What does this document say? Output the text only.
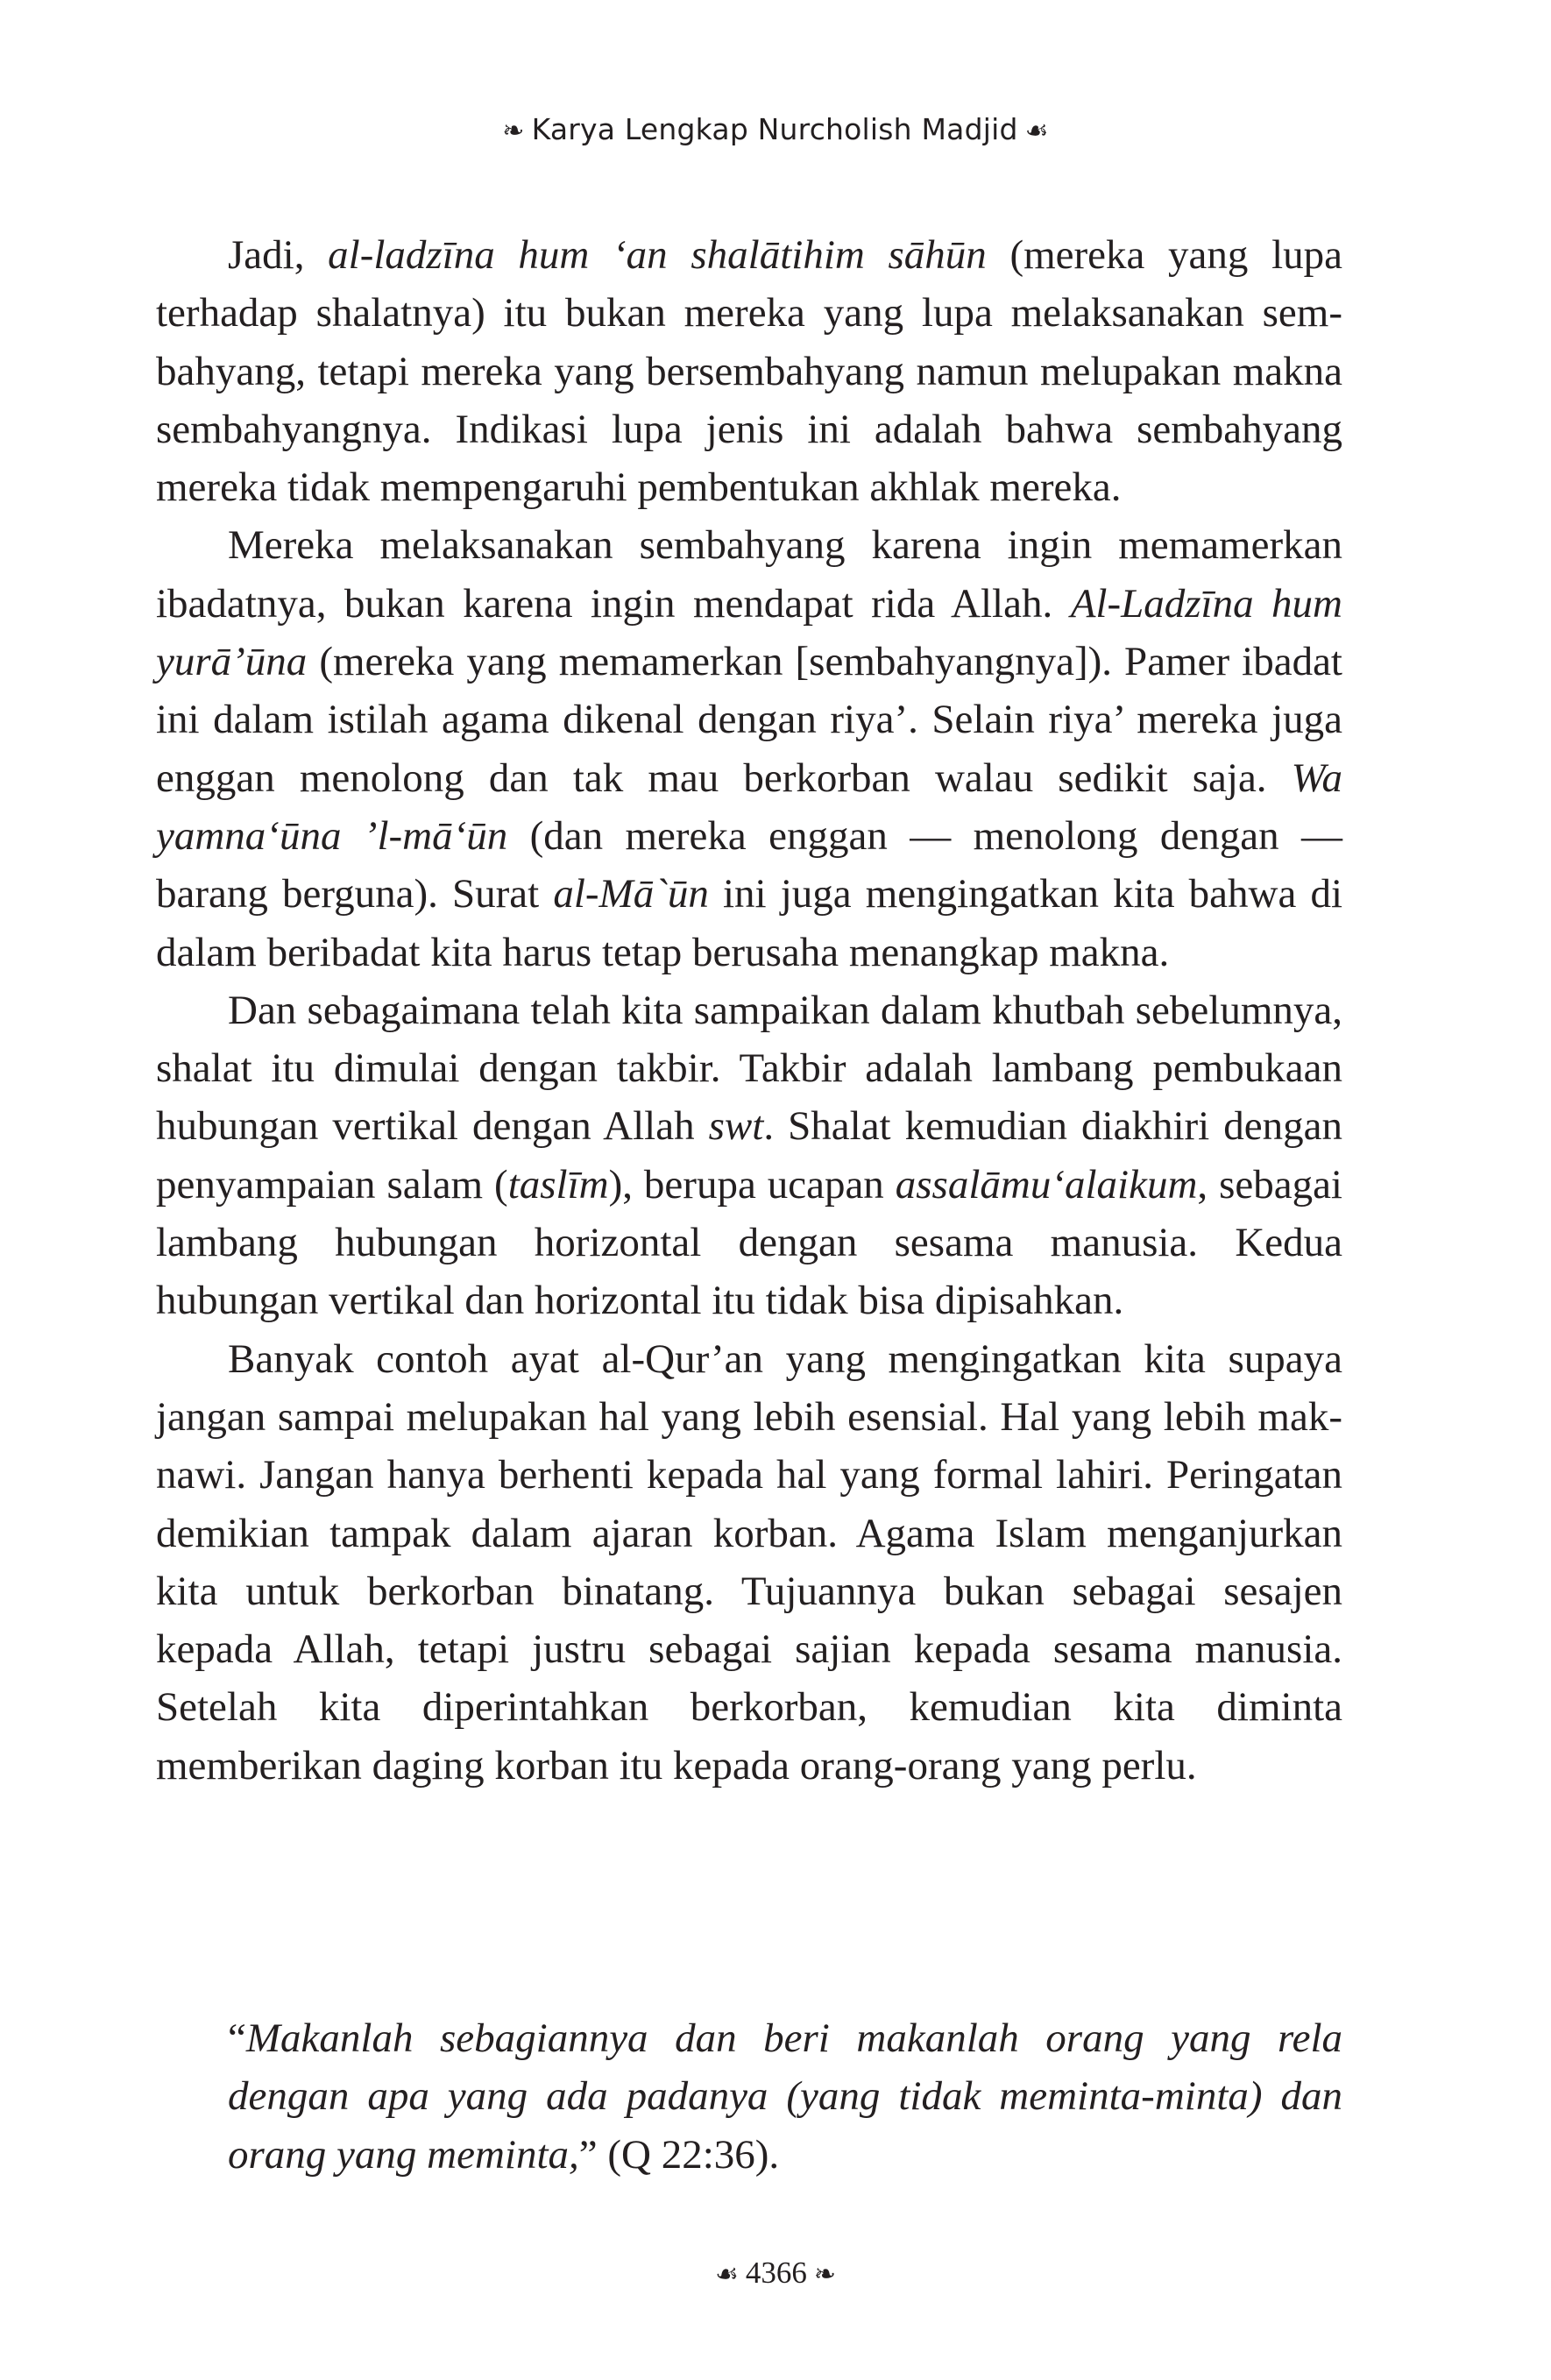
❧ Karya Lengkap Nurcholish Madjid ☙

Jadi, al-ladzīna hum ‘an shalātihim sāhūn (mereka yang lupa terhadap shalatnya) itu bukan mereka yang lupa melaksanakan sembahyang, tetapi mereka yang bersembahyang namun melupakan makna sembahyangnya. Indikasi lupa jenis ini adalah bahwa sembahyang mereka tidak mempengaruhi pembentukan akhlak mereka.

Mereka melaksanakan sembahyang karena ingin memamerkan ibadatnya, bukan karena ingin mendapat rida Allah. Al-Ladzīna hum yurā’ūna (mereka yang memamerkan [sembahyangnya]). Pamer ibadat ini dalam istilah agama dikenal dengan riya’. Selain riya’ mereka juga enggan menolong dan tak mau berkorban walau sedikit saja. Wa yamna‘ūna ’l-mā‘ūn (dan mereka enggan — menolong dengan — barang berguna). Surat al-Mā`ūn ini juga mengingatkan kita bahwa di dalam beribadat kita harus tetap berusaha menangkap makna.

Dan sebagaimana telah kita sampaikan dalam khutbah sebelumnya, shalat itu dimulai dengan takbir. Takbir adalah lambang pembukaan hubungan vertikal dengan Allah swt. Shalat kemudian diakhiri dengan penyampaian salam (taslīm), berupa ucapan assalāmu‘alaikum, sebagai lambang hubungan horizontal dengan sesama manusia. Kedua hubungan vertikal dan horizontal itu tidak bisa dipisahkan.

Banyak contoh ayat al-Qur’an yang mengingatkan kita supaya jangan sampai melupakan hal yang lebih esensial. Hal yang lebih maknawi. Jangan hanya berhenti kepada hal yang formal lahiri. Peringatan demikian tampak dalam ajaran korban. Agama Islam menganjurkan kita untuk berkorban binatang. Tujuannya bukan sebagai sesajen kepada Allah, tetapi justru sebagai sajian kepada sesama manusia. Setelah kita diperintahkan berkorban, kemudian kita diminta memberikan daging korban itu kepada orang-orang yang perlu.

“Makanlah sebagiannya dan beri makanlah orang yang rela dengan apa yang ada padanya (yang tidak meminta-minta) dan orang yang meminta,” (Q 22:36).

☙ 4366 ❧
